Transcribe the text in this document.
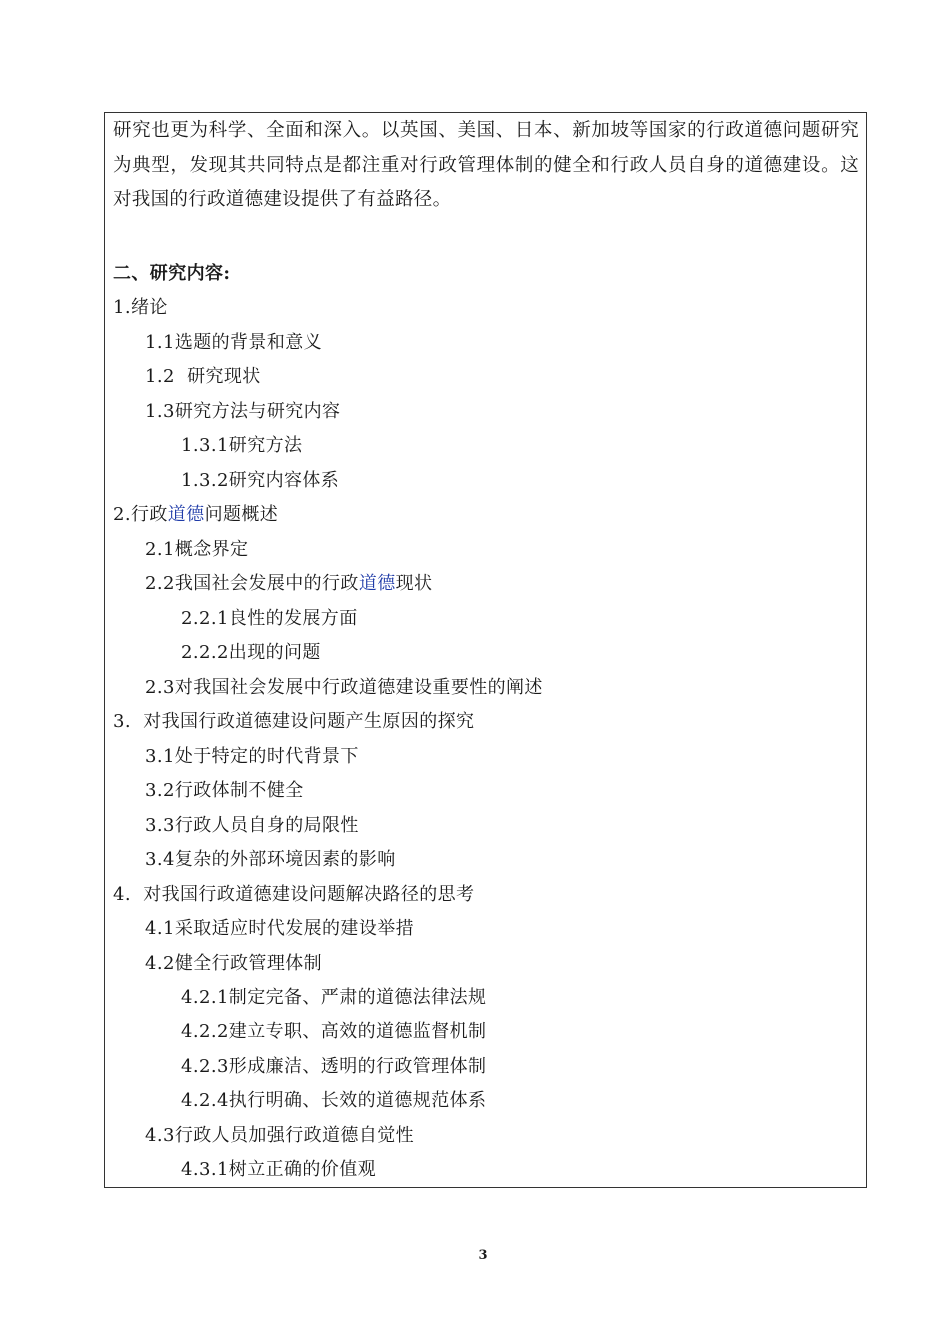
研究也更为科学、全面和深入。以英国、美国、日本、新加坡等国家的行政道德问题研究为典型，发现其共同特点是都注重对行政管理体制的健全和行政人员自身的道德建设。这对我国的行政道德建设提供了有益路径。

二、研究内容:
1.绪论
1.1选题的背景和意义
1.2  研究现状
1.3研究方法与研究内容
1.3.1研究方法
1.3.2研究内容体系
2.行政道德问题概述
2.1概念界定
2.2我国社会发展中的行政道德现状
2.2.1良性的发展方面
2.2.2出现的问题
2.3对我国社会发展中行政道德建设重要性的阐述
3.  对我国行政道德建设问题产生原因的探究
3.1处于特定的时代背景下
3.2行政体制不健全
3.3行政人员自身的局限性
3.4复杂的外部环境因素的影响
4.  对我国行政道德建设问题解决路径的思考
4.1采取适应时代发展的建设举措
4.2健全行政管理体制
4.2.1制定完备、严肃的道德法律法规
4.2.2建立专职、高效的道德监督机制
4.2.3形成廉洁、透明的行政管理体制
4.2.4执行明确、长效的道德规范体系
4.3行政人员加强行政道德自觉性
4.3.1树立正确的价值观
3
